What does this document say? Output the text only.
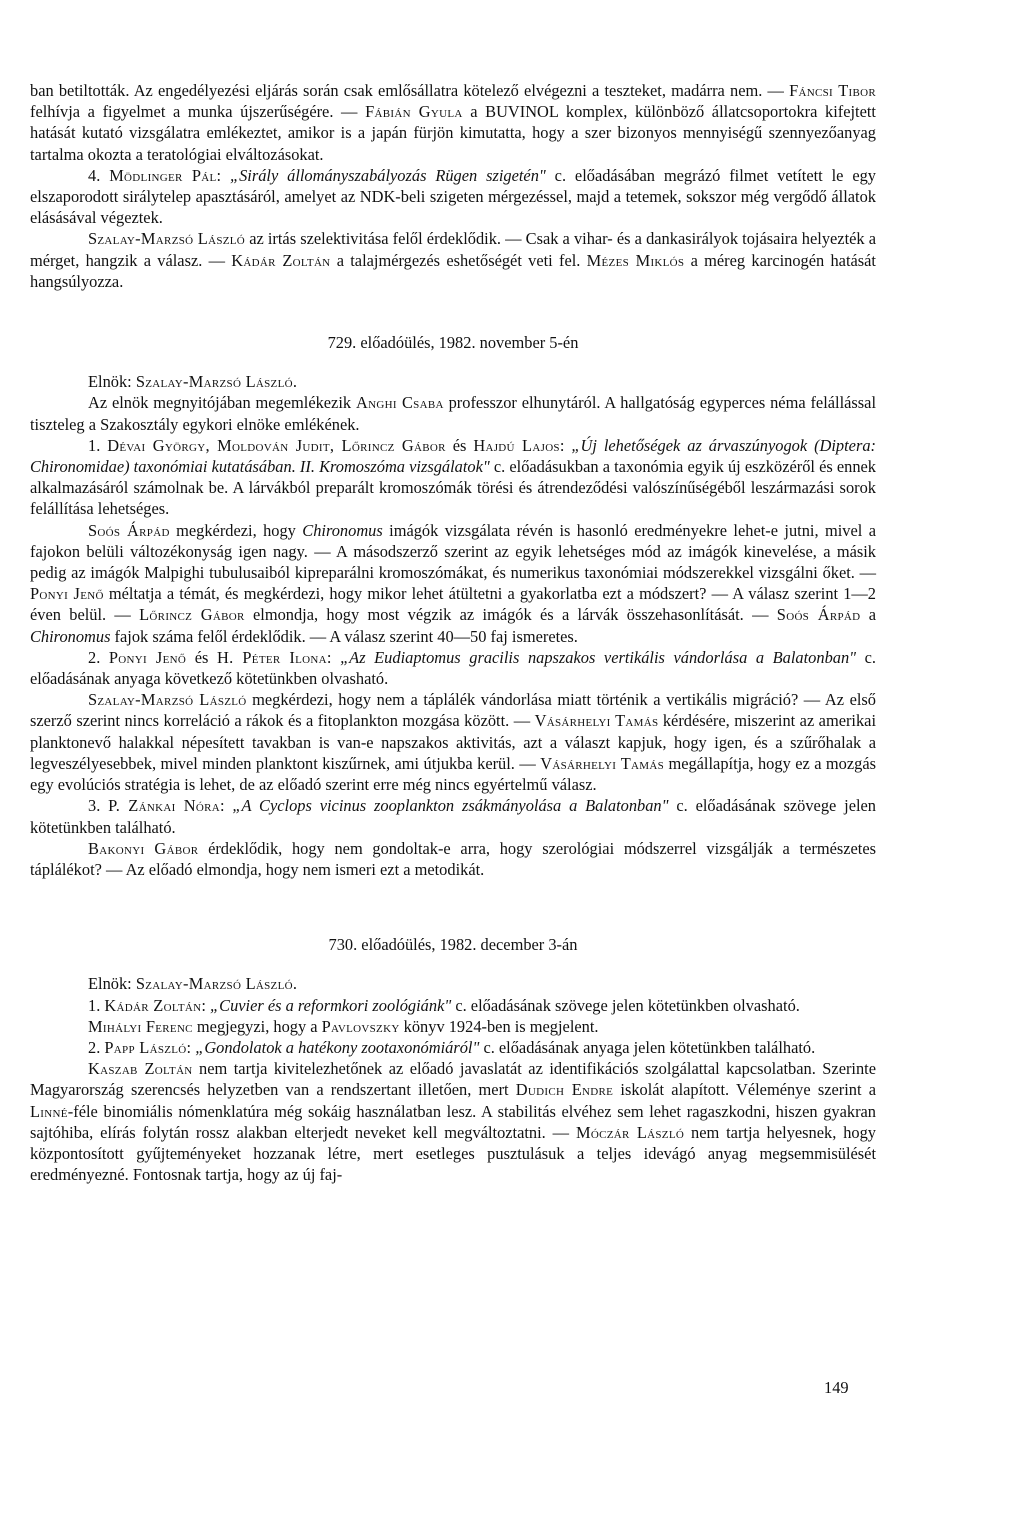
ban betiltották. Az engedélyezési eljárás során csak emlősállatra kötelező elvégezni a teszteket, madárra nem. — Fáncsi Tibor felhívja a figyelmet a munka újszerűségére. — Fábián Gyula a BUVINOL komplex, különböző állatcsoportokra kifejtett hatását kutató vizsgálatra emlékeztet, amikor is a japán fürjön kimutatta, hogy a szer bizonyos mennyiségű szennyezőanyag tartalma okozta a teratológiai elváltozásokat.

4. Mödlinger Pál: „Sirály állományszabályozás Rügen szigetén" c. előadásában megrázó filmet vetített le egy elszaporodott sirálytelep apasztásáról, amelyet az NDK-beli szigeten mérgezéssel, majd a tetemek, sokszor még vergődő állatok elásásával végeztek.

Szalay-Marzsó László az irtás szelektivitása felől érdeklődik. — Csak a vihar- és a dankasirályok tojásaira helyezték a mérget, hangzik a válasz. — Kádár Zoltán a talajmérgezés eshetőségét veti fel. Mézes Miklós a méreg karcinogén hatását hangsúlyozza.

729. előadóülés, 1982. november 5-én

Elnök: Szalay-Marzsó László.

Az elnök megnyitójában megemlékezik Anghi Csaba professzor elhunytáról. A hallgatóság egyperces néma felállással tiszteleg a Szakosztály egykori elnöke emlékének.

1. Dévai György, Moldován Judit, Lőrincz Gábor és Hajdú Lajos: „Új lehetőségek az árvaszúnyogok (Diptera: Chironomidae) taxonómiai kutatásában. II. Kromoszóma vizsgálatok" c. előadásukban a taxonómia egyik új eszközéről és ennek alkalmazásáról számolnak be. A lárvákból preparált kromoszómák törési és átrendeződési valószínűségéből leszármazási sorok felállítása lehetséges.

Soós Árpád megkérdezi, hogy Chironomus imágók vizsgálata révén is hasonló eredményekre lehet-e jutni, mivel a fajokon belüli változékonyság igen nagy. — A másodszerző szerint az egyik lehetséges mód az imágók kinevelése, a másik pedig az imágók Malpighi tubulusaiból kipreparálni kromoszómákat, és numerikus taxonómiai módszerekkel vizsgálni őket. — Ponyi Jenő méltatja a témát, és megkérdezi, hogy mikor lehet átültetni a gyakorlatba ezt a módszert? — A válasz szerint 1—2 éven belül. — Lőrincz Gábor elmondja, hogy most végzik az imágók és a lárvák összehasonlítását. — Soós Árpád a Chironomus fajok száma felől érdeklődik. — A válasz szerint 40—50 faj ismeretes.

2. Ponyi Jenő és H. Péter Ilona: „Az Eudiaptomus gracilis napszakos vertikális vándorlása a Balatonban" c. előadásának anyaga következő kötetünkben olvasható.

Szalay-Marzsó László megkérdezi, hogy nem a táplálék vándorlása miatt történik a vertikális migráció? — Az első szerző szerint nincs korreláció a rákok és a fitoplankton mozgása között. — Vásárhelyi Tamás kérdésére, miszerint az amerikai planktonevő halakkal népesített tavakban is van-e napszakos aktivitás, azt a választ kapjuk, hogy igen, és a szűrőhalak a legveszélyesebbek, mivel minden planktont kiszűrnek, ami útjukba kerül. — Vásárhelyi Tamás megállapítja, hogy ez a mozgás egy evolúciós stratégia is lehet, de az előadó szerint erre még nincs egyértelmű válasz.

3. P. Zánkai Nóra: „A Cyclops vicinus zooplankton zsákmányolása a Balatonban" c. előadásának szövege jelen kötetünkben található.

Bakonyi Gábor érdeklődik, hogy nem gondoltak-e arra, hogy szerológiai módszerrel vizsgálják a természetes táplálékot? — Az előadó elmondja, hogy nem ismeri ezt a metodikát.

730. előadóülés, 1982. december 3-án

Elnök: Szalay-Marzsó László.

1. Kádár Zoltán: „Cuvier és a reformkori zoológiánk" c. előadásának szövege jelen kötetünkben olvasható.

Mihályi Ferenc megjegyzi, hogy a Pavlovszky könyv 1924-ben is megjelent.

2. Papp László: „Gondolatok a hatékony zootaxonómiáról" c. előadásának anyaga jelen kötetünkben található.

Kaszab Zoltán nem tartja kivitelezhetőnek az előadó javaslatát az identifikációs szolgálattal kapcsolatban. Szerinte Magyarország szerencsés helyzetben van a rendszertant illetően, mert Dudich Endre iskolát alapított. Véleménye szerint a Linné-féle binomiális nómenklatúra még sokáig használatban lesz. A stabilitás elvéhez sem lehet ragaszkodni, hiszen gyakran sajtóhiba, elírás folytán rossz alakban elterjedt neveket kell megváltoztatni. — Móczár László nem tartja helyesnek, hogy központosított gyűjteményeket hozzanak létre, mert esetleges pusztulásuk a teljes idevágó anyag megsemmisülését eredményezné. Fontosnak tartja, hogy az új faj-

149
